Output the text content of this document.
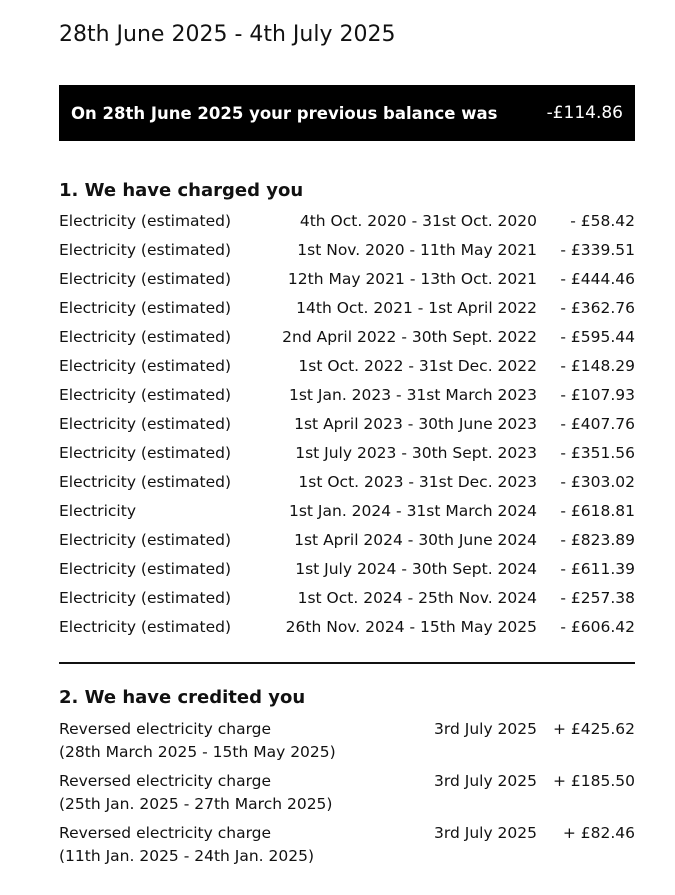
28th June 2025 - 4th July 2025
On 28th June 2025 your previous balance was	-£114.86
1. We have charged you
Electricity (estimated)	4th Oct. 2020 - 31st Oct. 2020 - £58.42
Electricity (estimated)	1st Nov. 2020 - 11th May 2021 - £339.51
Electricity (estimated)	12th May 2021 - 13th Oct. 2021 - £444.46
Electricity (estimated)	14th Oct. 2021 - 1st April 2022 - £362.76
Electricity (estimated)	2nd April 2022 - 30th Sept. 2022 - £595.44
Electricity (estimated)	1st Oct. 2022 - 31st Dec. 2022 - £148.29
Electricity (estimated)	1st Jan. 2023 - 31st March 2023 - £107.93
Electricity (estimated)	1st April 2023 - 30th June 2023 - £407.76
Electricity (estimated)	1st July 2023 - 30th Sept. 2023 - £351.56
Electricity (estimated)	1st Oct. 2023 - 31st Dec. 2023 - £303.02
Electricity	1st Jan. 2024 - 31st March 2024 - £618.81
Electricity (estimated)	1st April 2024 - 30th June 2024 - £823.89
Electricity (estimated)	1st July 2024 - 30th Sept. 2024 - £611.39
Electricity (estimated)	1st Oct. 2024 - 25th Nov. 2024 - £257.38
Electricity (estimated)	26th Nov. 2024 - 15th May 2025 - £606.42
2. We have credited you
Reversed electricity charge
(28th March 2025 - 15th May 2025)
3rd July 2025 + £425.62
Reversed electricity charge
(25th Jan. 2025 - 27th March 2025)
3rd July 2025 + £185.50
Reversed electricity charge
(11th Jan. 2025 - 24th Jan. 2025)
3rd July 2025 + £82.46
